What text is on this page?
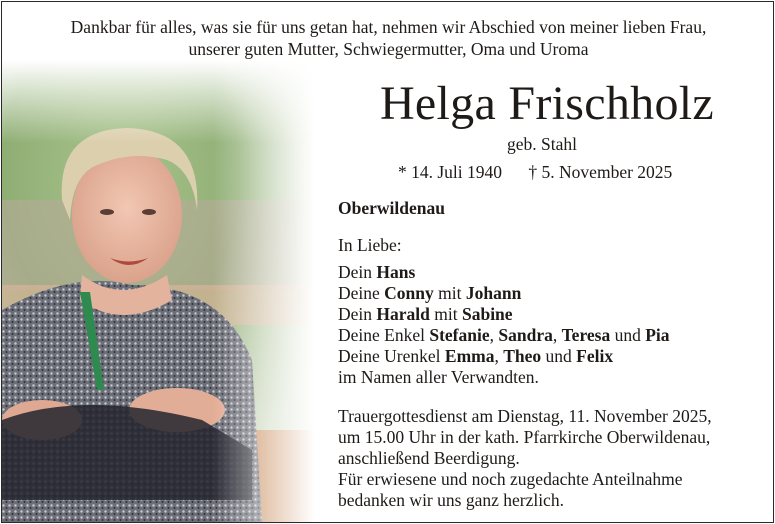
Dankbar für alles, was sie für uns getan hat, nehmen wir Abschied von meiner lieben Frau,
unserer guten Mutter, Schwiegermutter, Oma und Uroma
Helga Frischholz
geb. Stahl
* 14. Juli 1940 † 5. November 2025
Oberwildenau
In Liebe:
Dein Hans
Deine Conny mit Johann
Dein Harald mit Sabine
Deine Enkel Stefanie, Sandra, Teresa und Pia
Deine Urenkel Emma, Theo und Felix
im Namen aller Verwandten.
Trauergottesdienst am Dienstag, 11. November 2025,
um 15.00 Uhr in der kath. Pfarrkirche Oberwildenau,
anschließend Beerdigung.
Für erwiesene und noch zugedachte Anteilnahme
bedanken wir uns ganz herzlich.
